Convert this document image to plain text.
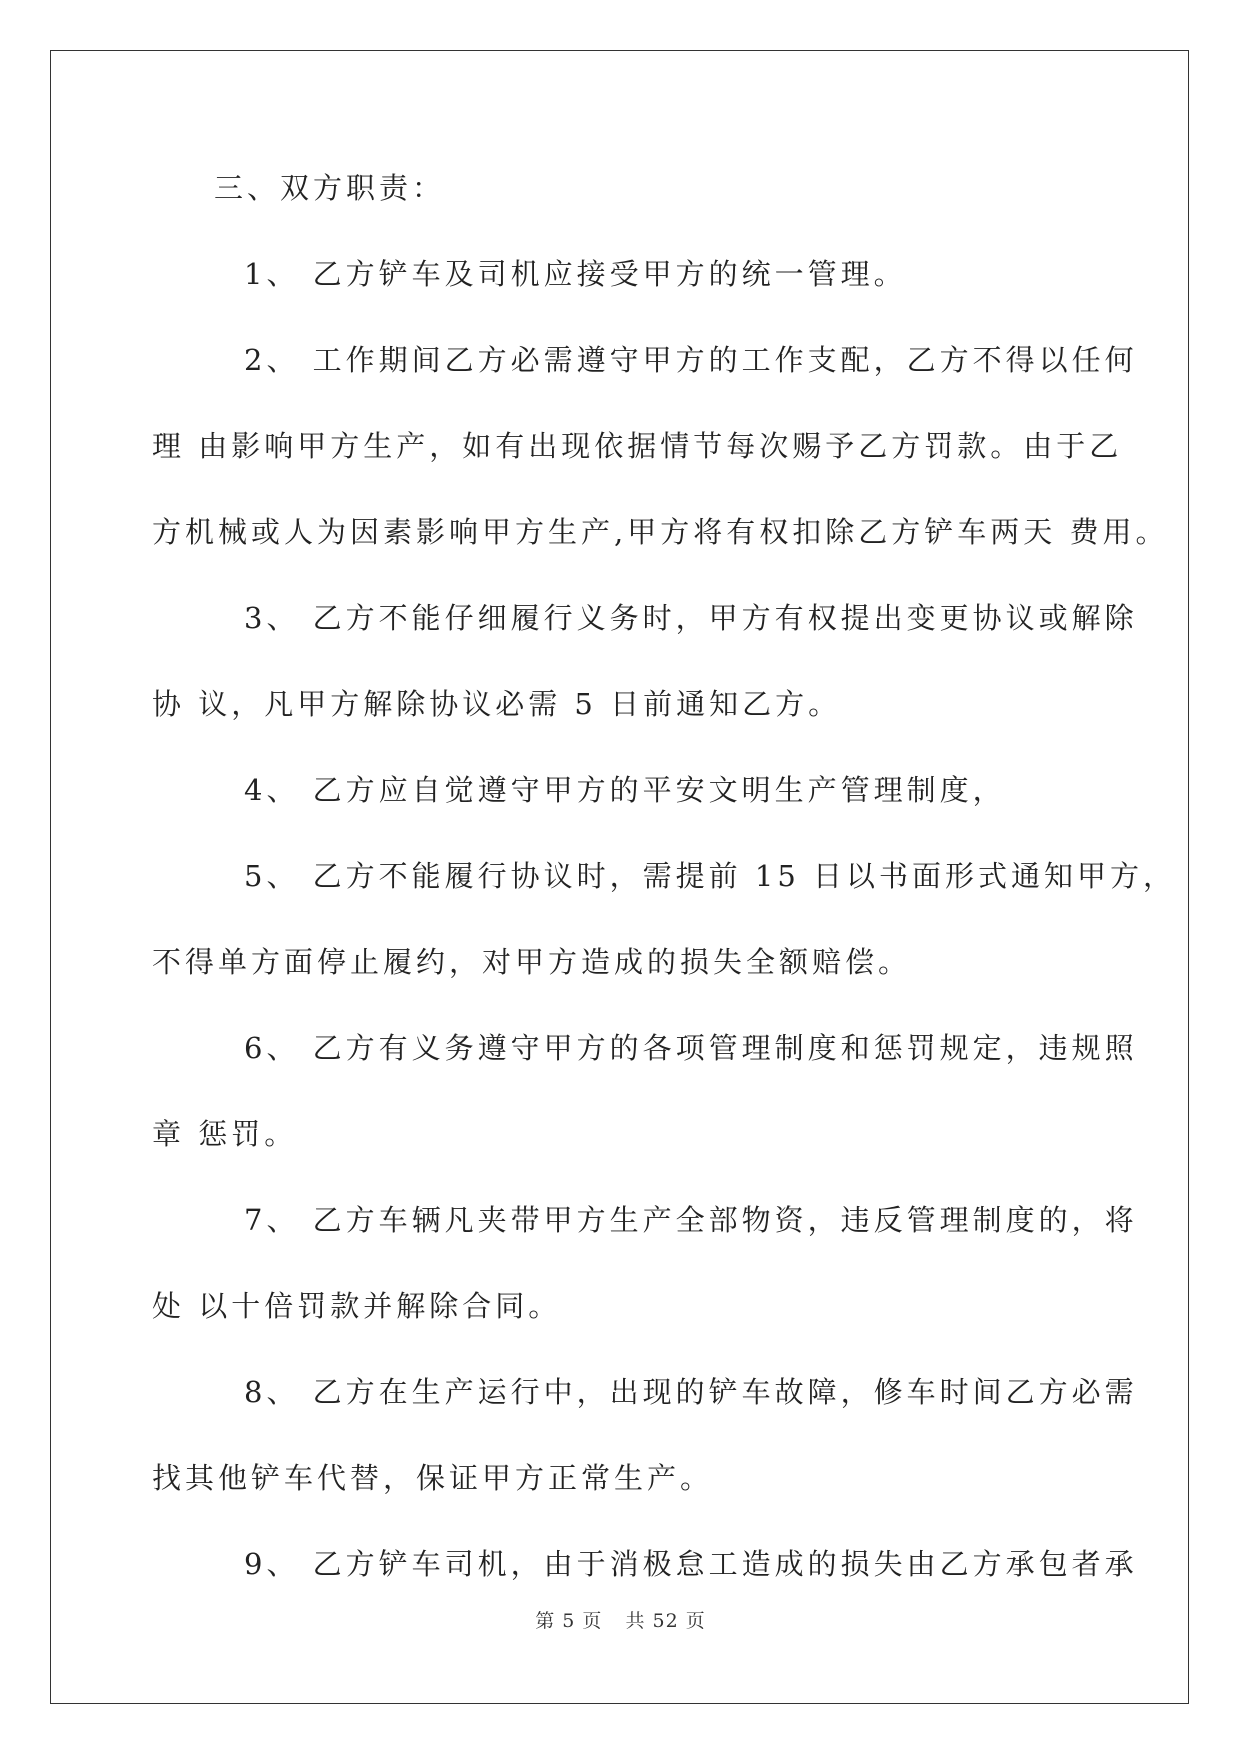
三、双方职责：
1、 乙方铲车及司机应接受甲方的统一管理。
2、 工作期间乙方必需遵守甲方的工作支配，乙方不得以任何
理 由影响甲方生产，如有出现依据情节每次赐予乙方罚款。由于乙
方机械或人为因素影响甲方生产,甲方将有权扣除乙方铲车两天 费用。
3、 乙方不能仔细履行义务时，甲方有权提出变更协议或解除
协 议，凡甲方解除协议必需 5 日前通知乙方。
4、 乙方应自觉遵守甲方的平安文明生产管理制度，
5、 乙方不能履行协议时，需提前 15 日以书面形式通知甲方，
不得单方面停止履约，对甲方造成的损失全额赔偿。
6、 乙方有义务遵守甲方的各项管理制度和惩罚规定，违规照
章 惩罚。
7、 乙方车辆凡夹带甲方生产全部物资，违反管理制度的，将
处 以十倍罚款并解除合同。
8、 乙方在生产运行中，出现的铲车故障，修车时间乙方必需
找其他铲车代替，保证甲方正常生产。
9、 乙方铲车司机，由于消极怠工造成的损失由乙方承包者承
第 5 页 共 52 页
